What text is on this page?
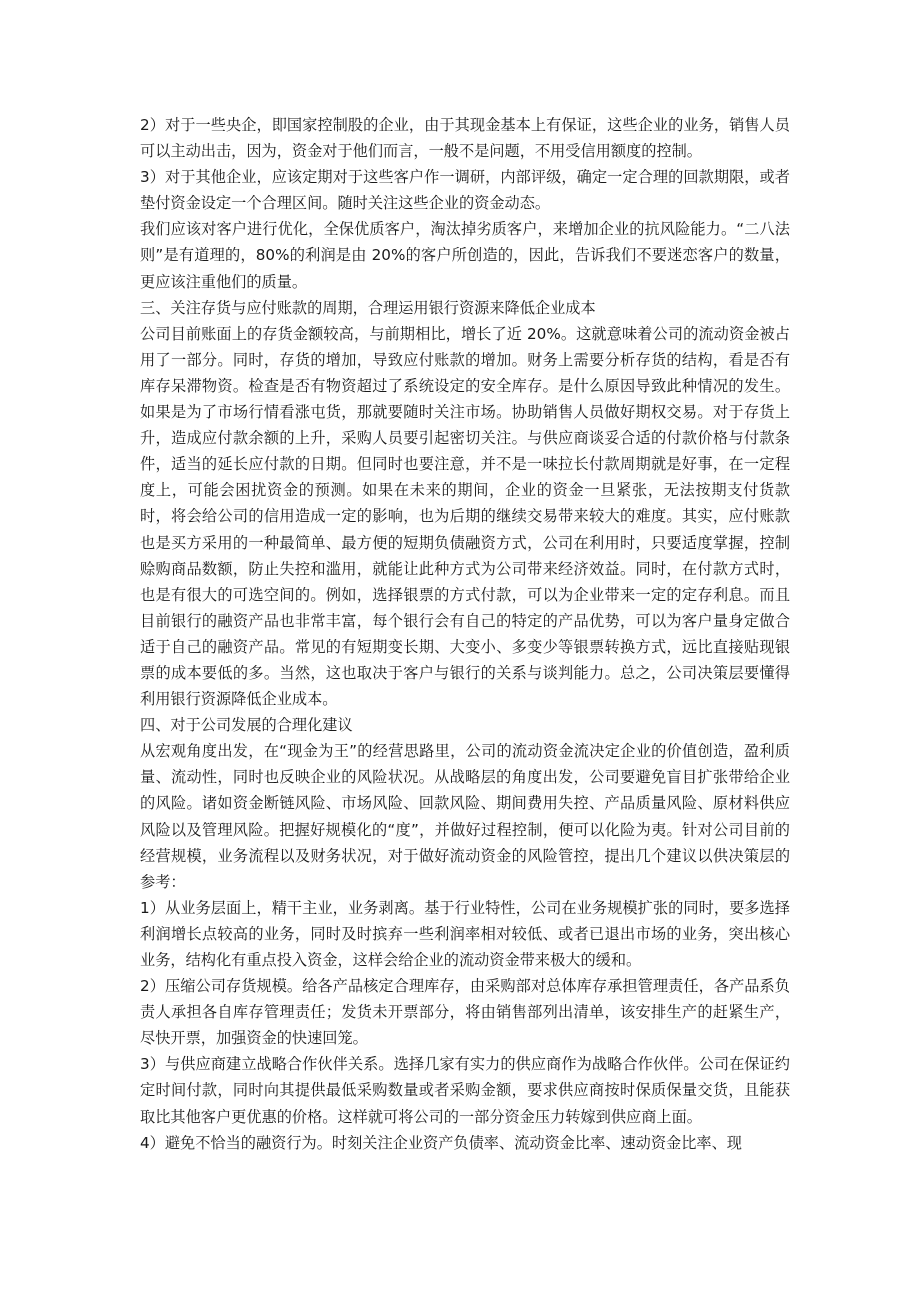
2）对于一些央企，即国家控制股的企业，由于其现金基本上有保证，这些企业的业务，销售人员可以主动出击，因为，资金对于他们而言，一般不是问题，不用受信用额度的控制。

3）对于其他企业，应该定期对于这些客户作一调研，内部评级，确定一定合理的回款期限，或者垫付资金设定一个合理区间。随时关注这些企业的资金动态。

我们应该对客户进行优化，全保优质客户，淘汰掉劣质客户，来增加企业的抗风险能力。“二八法则”是有道理的，80%的利润是由 20%的客户所创造的，因此，告诉我们不要迷恋客户的数量，更应该注重他们的质量。

三、关注存货与应付账款的周期，合理运用银行资源来降低企业成本

公司目前账面上的存货金额较高，与前期相比，增长了近 20%。这就意味着公司的流动资金被占用了一部分。同时，存货的增加，导致应付账款的增加。财务上需要分析存货的结构，看是否有库存呆滞物资。检查是否有物资超过了系统设定的安全库存。是什么原因导致此种情况的发生。如果是为了市场行情看涨屯货，那就要随时关注市场。协助销售人员做好期权交易。对于存货上升，造成应付款余额的上升，采购人员要引起密切关注。与供应商谈妥合适的付款价格与付款条件，适当的延长应付款的日期。但同时也要注意，并不是一味拉长付款周期就是好事，在一定程度上，可能会困扰资金的预测。如果在未来的期间，企业的资金一旦紧张，无法按期支付货款时，将会给公司的信用造成一定的影响，也为后期的继续交易带来较大的难度。其实，应付账款也是买方采用的一种最简单、最方便的短期负债融资方式，公司在利用时，只要适度掌握，控制赊购商品数额，防止失控和滥用，就能让此种方式为公司带来经济效益。同时，在付款方式时，也是有很大的可选空间的。例如，选择银票的方式付款，可以为企业带来一定的定存利息。而且目前银行的融资产品也非常丰富，每个银行会有自己的特定的产品优势，可以为客户量身定做合适于自己的融资产品。常见的有短期变长期、大变小、多变少等银票转换方式，远比直接贴现银票的成本要低的多。当然，这也取决于客户与银行的关系与谈判能力。总之，公司决策层要懂得利用银行资源降低企业成本。

四、对于公司发展的合理化建议

从宏观角度出发，在“现金为王”的经营思路里，公司的流动资金流决定企业的价值创造，盈利质量、流动性，同时也反映企业的风险状况。从战略层的角度出发，公司要避免盲目扩张带给企业的风险。诸如资金断链风险、市场风险、回款风险、期间费用失控、产品质量风险、原材料供应风险以及管理风险。把握好规模化的“度”，并做好过程控制，便可以化险为夷。针对公司目前的经营规模，业务流程以及财务状况，对于做好流动资金的风险管控，提出几个建议以供决策层的参考：

1）从业务层面上，精干主业，业务剥离。基于行业特性，公司在业务规模扩张的同时，要多选择利润增长点较高的业务，同时及时摈弃一些利润率相对较低、或者已退出市场的业务，突出核心业务，结构化有重点投入资金，这样会给企业的流动资金带来极大的缓和。

2）压缩公司存货规模。给各产品核定合理库存，由采购部对总体库存承担管理责任，各产品系负责人承担各自库存管理责任；发货未开票部分，将由销售部列出清单，该安排生产的赶紧生产，尽快开票，加强资金的快速回笼。

3）与供应商建立战略合作伙伴关系。选择几家有实力的供应商作为战略合作伙伴。公司在保证约定时间付款，同时向其提供最低采购数量或者采购金额，要求供应商按时保质保量交货，且能获取比其他客户更优惠的价格。这样就可将公司的一部分资金压力转嫁到供应商上面。

4）避免不恰当的融资行为。时刻关注企业资产负债率、流动资金比率、速动资金比率、现
